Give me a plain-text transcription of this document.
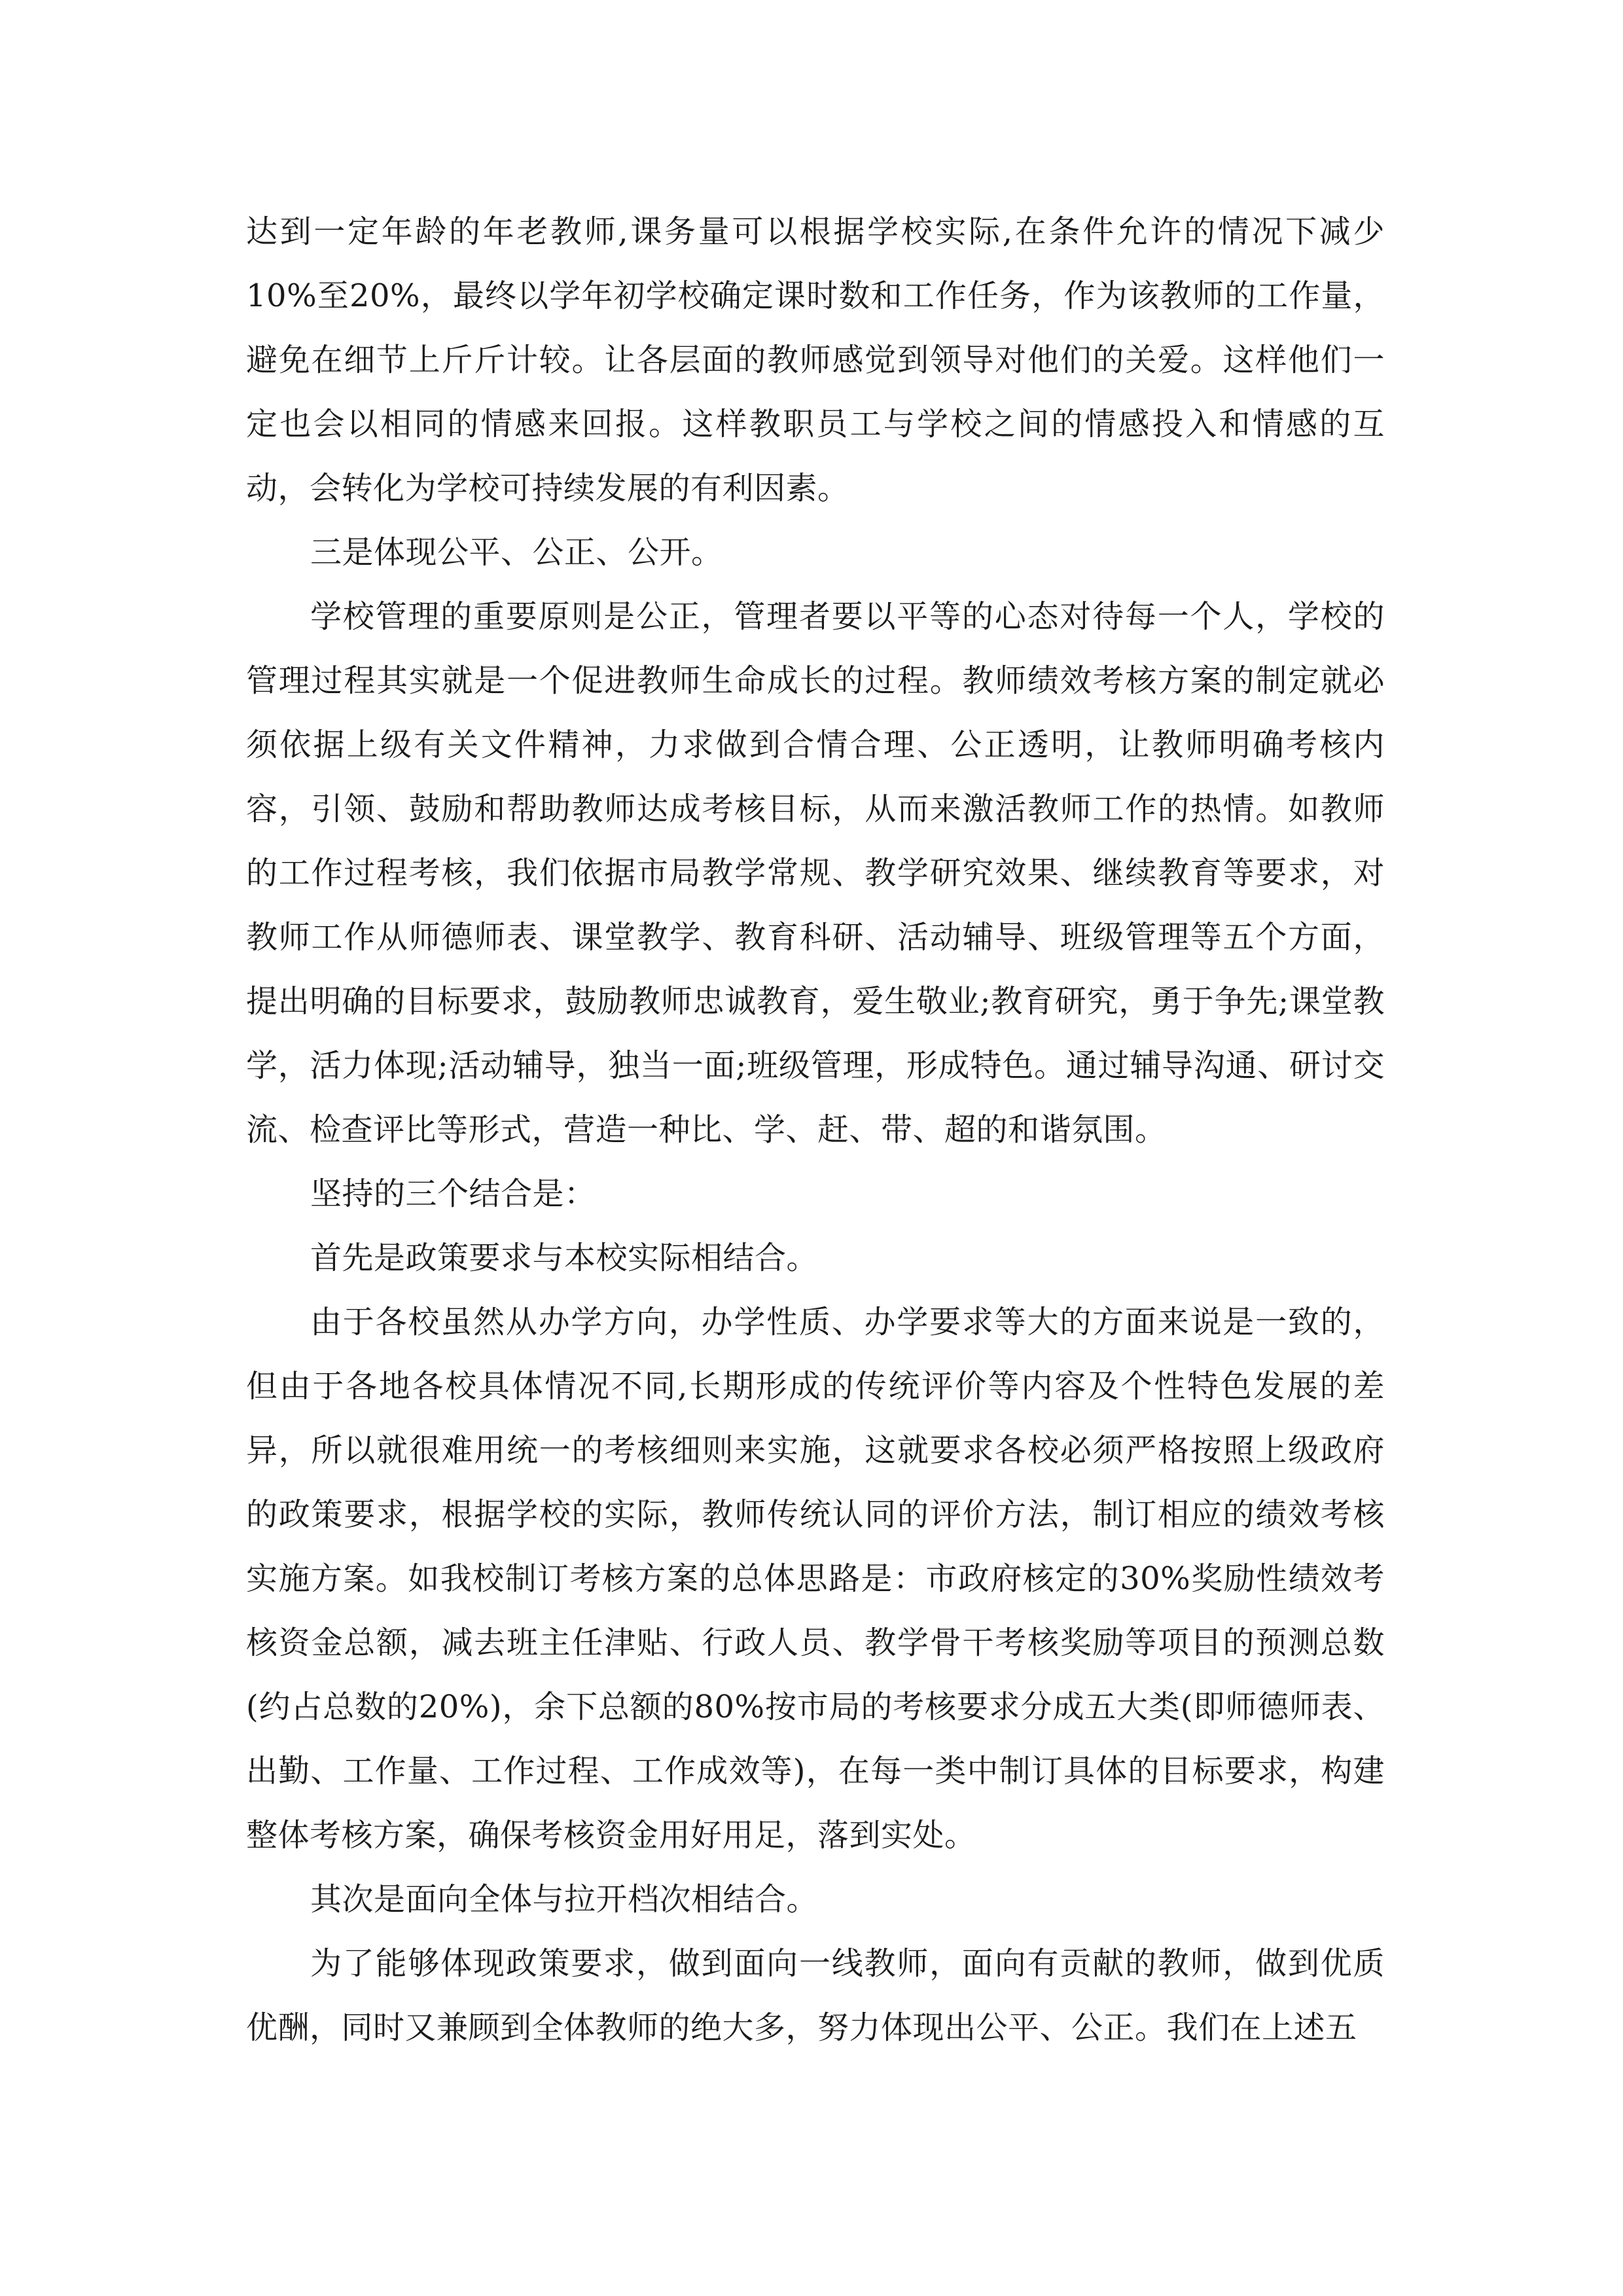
达到一定年龄的年老教师,课务量可以根据学校实际,在条件允许的情况下减少10%至20%，最终以学年初学校确定课时数和工作任务，作为该教师的工作量，避免在细节上斤斤计较。让各层面的教师感觉到领导对他们的关爱。这样他们一定也会以相同的情感来回报。这样教职员工与学校之间的情感投入和情感的互动，会转化为学校可持续发展的有利因素。

三是体现公平、公正、公开。

学校管理的重要原则是公正，管理者要以平等的心态对待每一个人，学校的管理过程其实就是一个促进教师生命成长的过程。教师绩效考核方案的制定就必须依据上级有关文件精神，力求做到合情合理、公正透明，让教师明确考核内容，引领、鼓励和帮助教师达成考核目标，从而来激活教师工作的热情。如教师的工作过程考核，我们依据市局教学常规、教学研究效果、继续教育等要求，对教师工作从师德师表、课堂教学、教育科研、活动辅导、班级管理等五个方面，提出明确的目标要求，鼓励教师忠诚教育，爱生敬业;教育研究，勇于争先;课堂教学，活力体现;活动辅导，独当一面;班级管理，形成特色。通过辅导沟通、研讨交流、检查评比等形式，营造一种比、学、赶、带、超的和谐氛围。

坚持的三个结合是：

首先是政策要求与本校实际相结合。

由于各校虽然从办学方向，办学性质、办学要求等大的方面来说是一致的，但由于各地各校具体情况不同,长期形成的传统评价等内容及个性特色发展的差异，所以就很难用统一的考核细则来实施，这就要求各校必须严格按照上级政府的政策要求，根据学校的实际，教师传统认同的评价方法，制订相应的绩效考核实施方案。如我校制订考核方案的总体思路是：市政府核定的30%奖励性绩效考核资金总额，减去班主任津贴、行政人员、教学骨干考核奖励等项目的预测总数(约占总数的20%)，余下总额的80%按市局的考核要求分成五大类(即师德师表、出勤、工作量、工作过程、工作成效等)，在每一类中制订具体的目标要求，构建整体考核方案，确保考核资金用好用足，落到实处。

其次是面向全体与拉开档次相结合。

为了能够体现政策要求，做到面向一线教师，面向有贡献的教师，做到优质优酬，同时又兼顾到全体教师的绝大多，努力体现出公平、公正。我们在上述五
